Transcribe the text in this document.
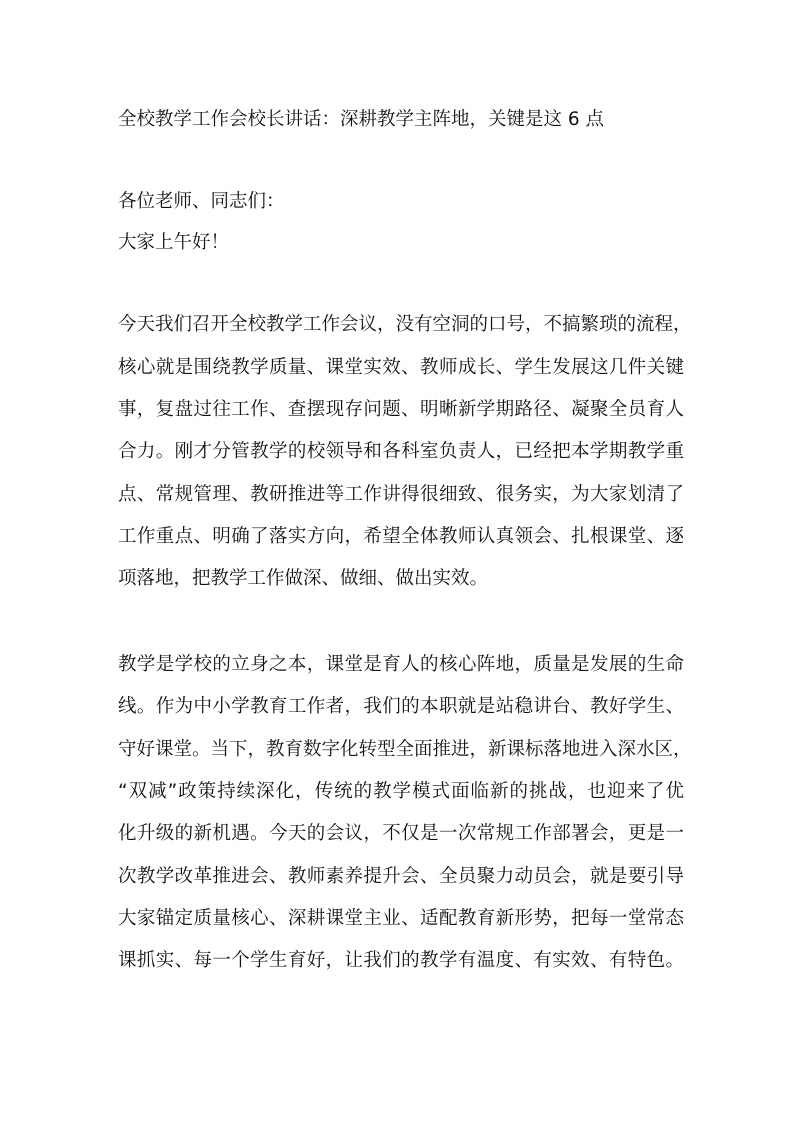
全校教学工作会校长讲话：深耕教学主阵地，关键是这 6 点
各位老师、同志们：
大家上午好！
今天我们召开全校教学工作会议，没有空洞的口号，不搞繁琐的流程，
核心就是围绕教学质量、课堂实效、教师成长、学生发展这几件关键
事，复盘过往工作、查摆现存问题、明晰新学期路径、凝聚全员育人
合力。刚才分管教学的校领导和各科室负责人，已经把本学期教学重
点、常规管理、教研推进等工作讲得很细致、很务实，为大家划清了
工作重点、明确了落实方向，希望全体教师认真领会、扎根课堂、逐
项落地，把教学工作做深、做细、做出实效。
教学是学校的立身之本，课堂是育人的核心阵地，质量是发展的生命
线。作为中小学教育工作者，我们的本职就是站稳讲台、教好学生、
守好课堂。当下，教育数字化转型全面推进，新课标落地进入深水区，
“双减”政策持续深化，传统的教学模式面临新的挑战，也迎来了优
化升级的新机遇。今天的会议，不仅是一次常规工作部署会，更是一
次教学改革推进会、教师素养提升会、全员聚力动员会，就是要引导
大家锚定质量核心、深耕课堂主业、适配教育新形势，把每一堂常态
课抓实、每一个学生育好，让我们的教学有温度、有实效、有特色。
